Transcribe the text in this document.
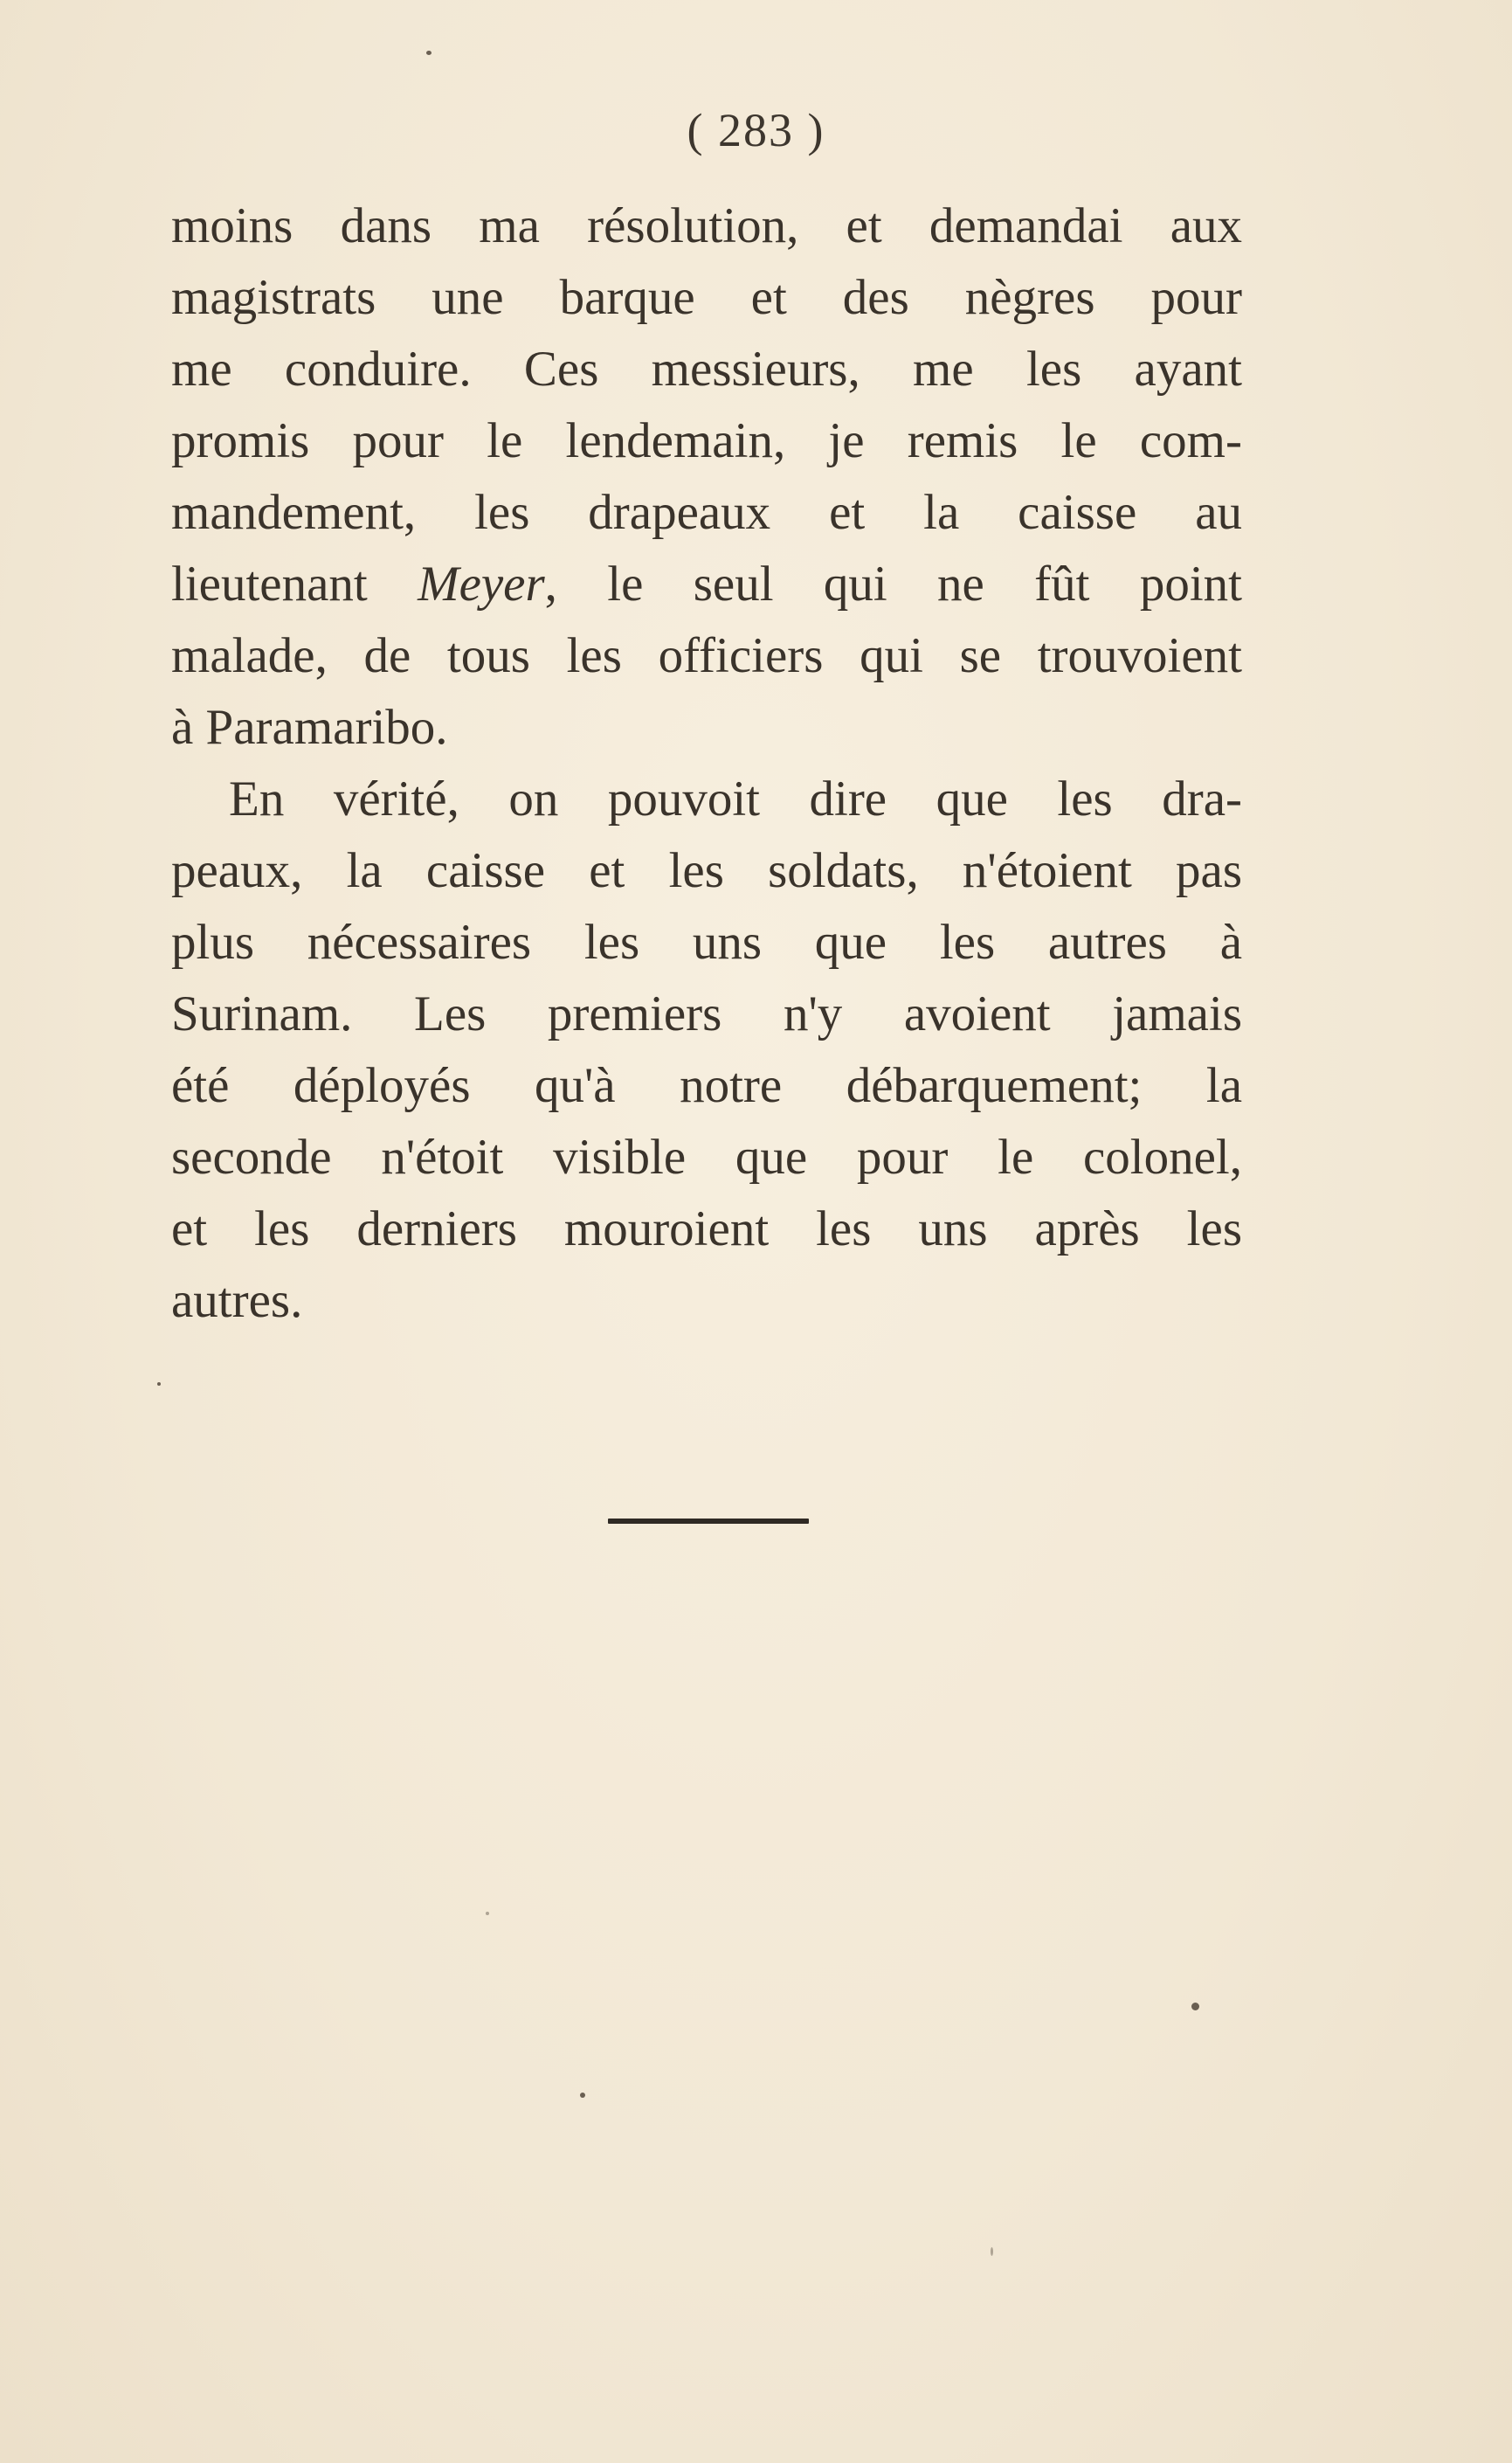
( 283 )
moins dans ma résolution, et demandai aux
magistrats une barque et des nègres pour
me conduire. Ces messieurs, me les ayant
promis pour le lendemain, je remis le com-
mandement, les drapeaux et la caisse au
lieutenant Meyer, le seul qui ne fût point
malade, de tous les officiers qui se trouvoient
à Paramaribo.
En vérité, on pouvoit dire que les dra-
peaux, la caisse et les soldats, n'étoient pas
plus nécessaires les uns que les autres à
Surinam. Les premiers n'y avoient jamais
été déployés qu'à notre débarquement; la
seconde n'étoit visible que pour le colonel,
et les derniers mouroient les uns après les
autres.
